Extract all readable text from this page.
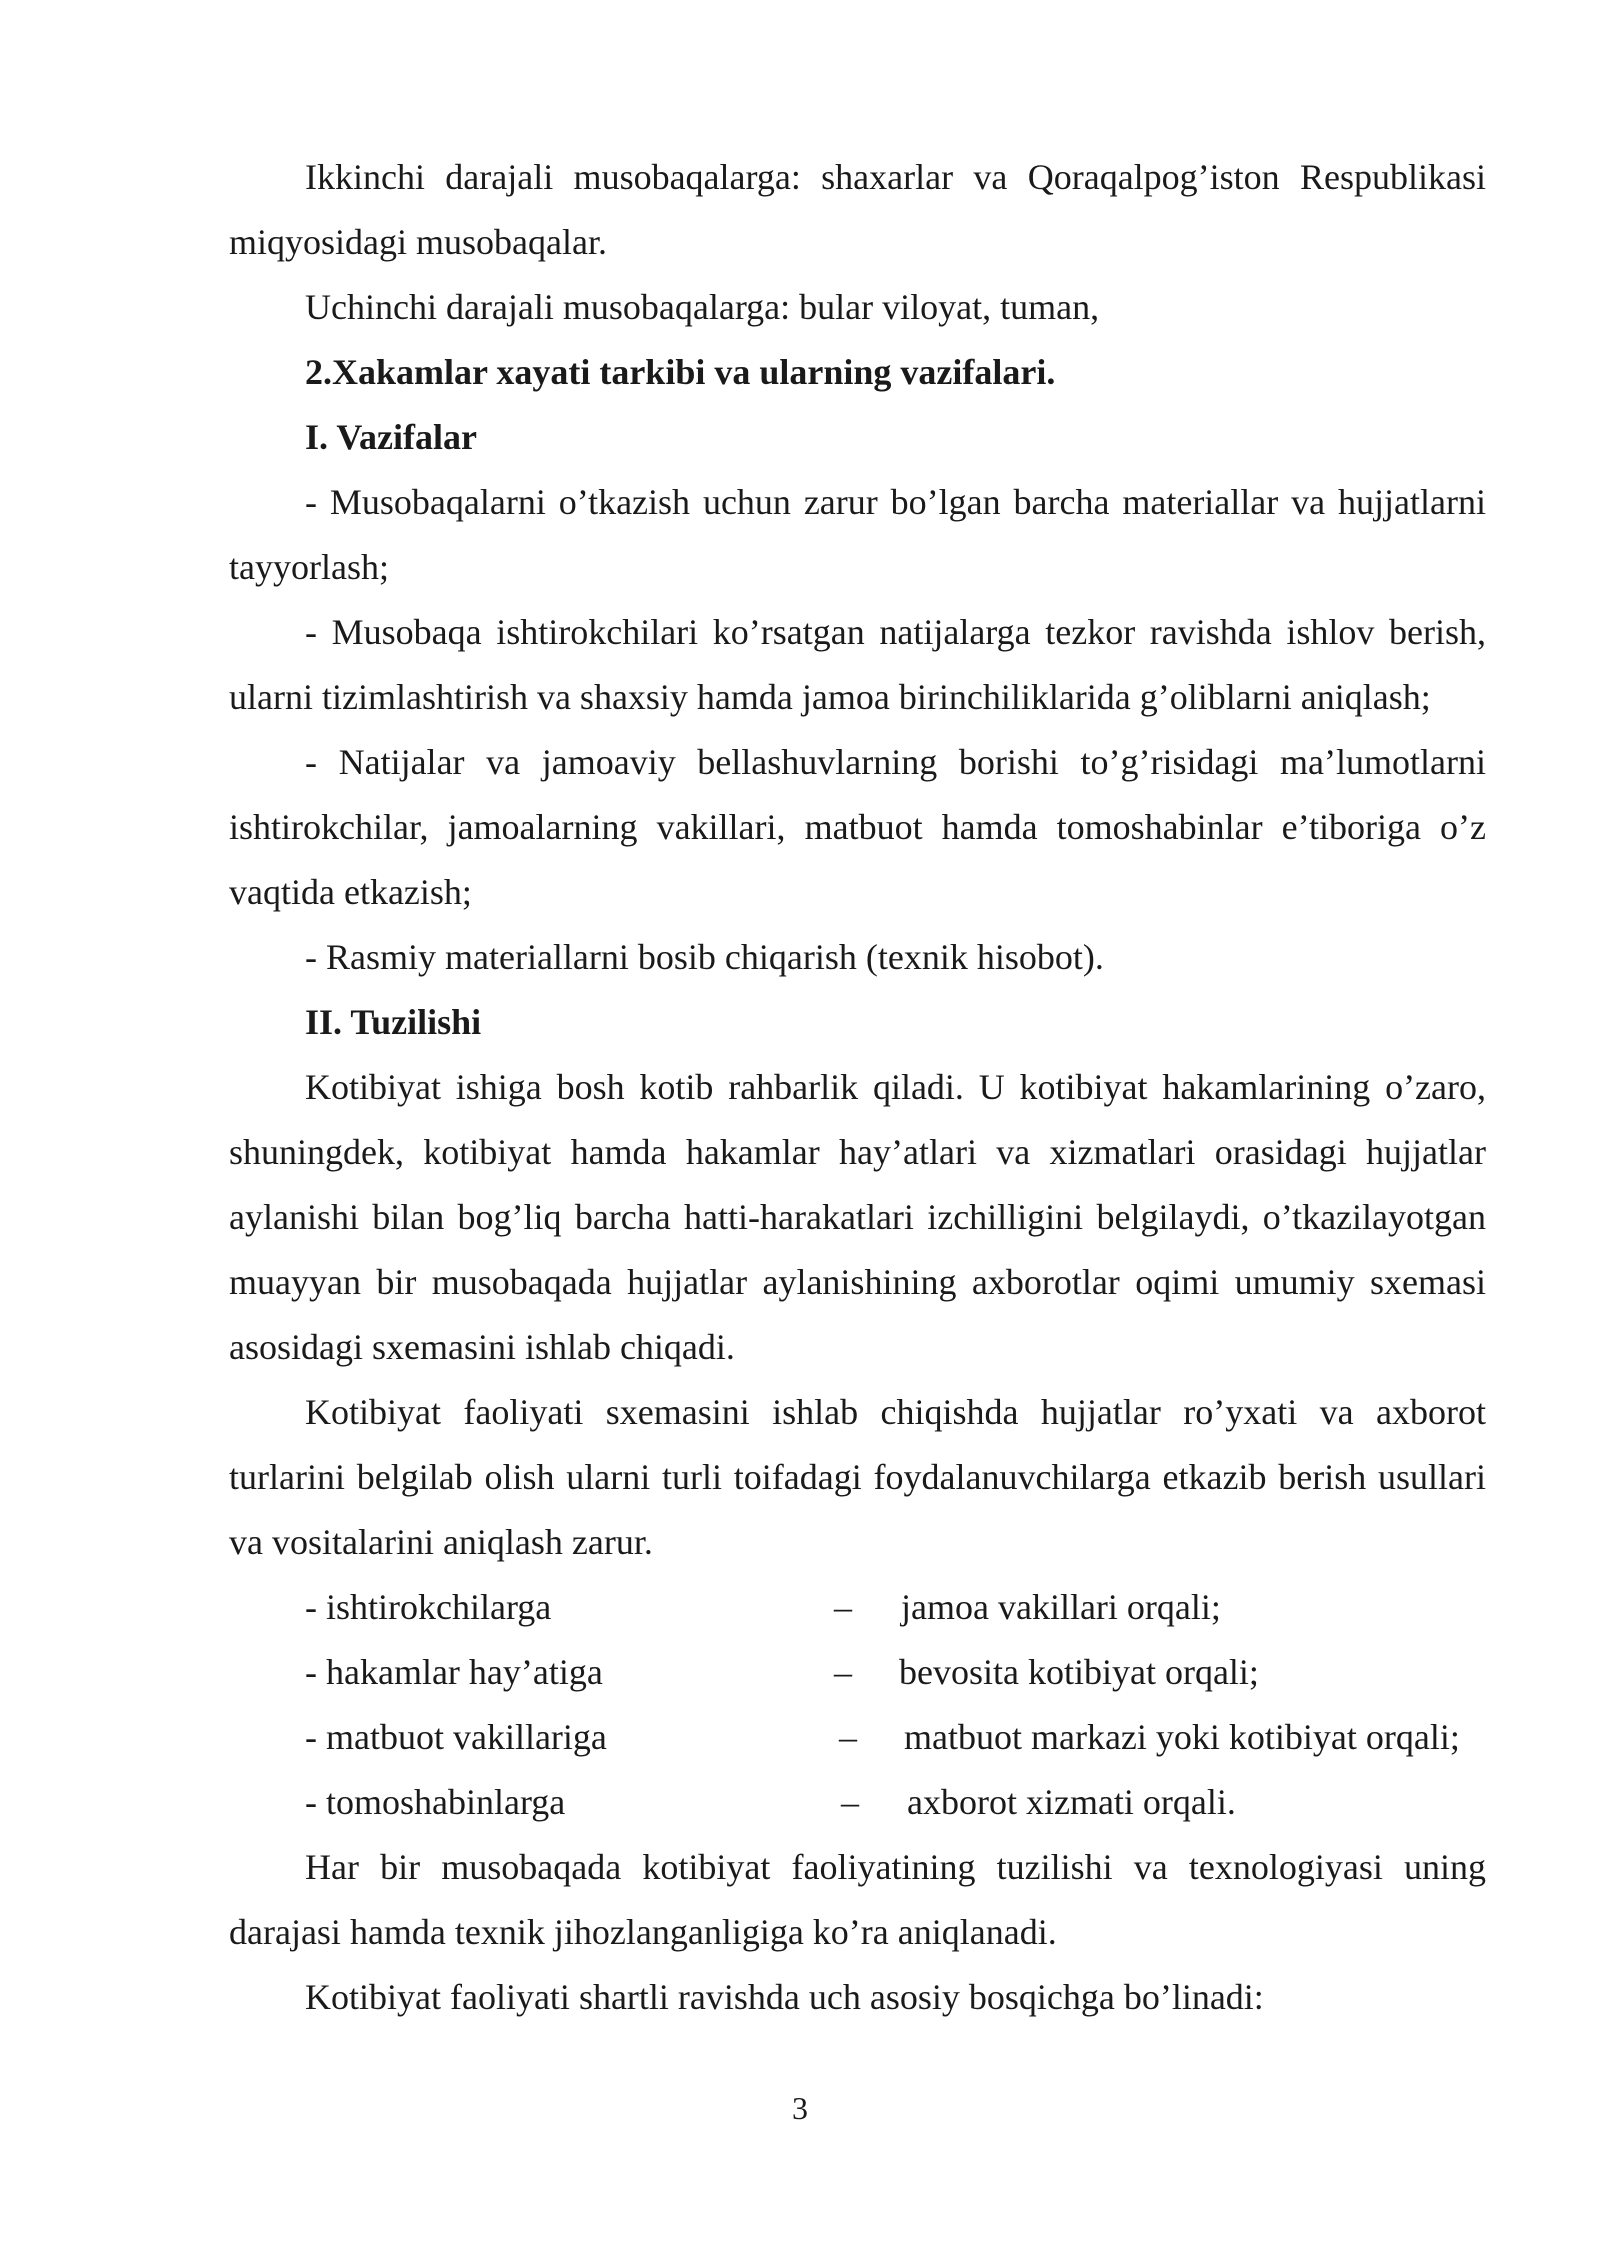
Ikkinchi darajali musobaqalarga: shaxarlar va Qoraqalpog’iston Respublikasi miqyosidagi musobaqalar.

Uchinchi darajali musobaqalarga: bular viloyat, tuman,

2.Xakamlar xayati tarkibi va ularning vazifalari.

I. Vazifalar

- Musobaqalarni o’tkazish uchun zarur bo’lgan barcha materiallar va hujjatlarni tayyorlash;

- Musobaqa ishtirokchilari ko’rsatgan natijalarga tezkor ravishda ishlov berish, ularni tizimlashtirish va shaxsiy hamda jamoa birinchiliklarida g’oliblarni aniqlash;

- Natijalar va jamoaviy bellashuvlarning borishi to’g’risidagi ma’lumotlarni ishtirokchilar, jamoalarning vakillari, matbuot hamda tomoshabinlar e’tiboriga o’z vaqtida etkazish;

- Rasmiy materiallarni bosib chiqarish (texnik hisobot).

II. Tuzilishi

Kotibiyat ishiga bosh kotib rahbarlik qiladi. U kotibiyat hakamlarining o’zaro, shuningdek, kotibiyat hamda hakamlar hay’atlari va xizmatlari orasidagi hujjatlar aylanishi bilan bog’liq barcha hatti-harakatlari izchilligini belgilaydi, o’tkazilayotgan muayyan bir musobaqada hujjatlar aylanishining axborotlar oqimi umumiy sxemasi asosidagi sxemasini ishlab chiqadi.

Kotibiyat faoliyati sxemasini ishlab chiqishda hujjatlar ro’yxati va axborot turlarini belgilab olish ularni turli toifadagi foydalanuvchilarga etkazib berish usullari va vositalarini aniqlash zarur.

- ishtirokchilarga	– jamoa vakillari orqali;
- hakamlar hay’atiga	– bevosita kotibiyat orqali;
- matbuot vakillariga	– matbuot markazi yoki kotibiyat orqali;
- tomoshabinlarga	– axborot xizmati orqali.

Har bir musobaqada kotibiyat faoliyatining tuzilishi va texnologiyasi uning darajasi hamda texnik jihozlanganligiga ko’ra aniqlanadi.

Kotibiyat faoliyati shartli ravishda uch asosiy bosqichga bo’linadi:

3
